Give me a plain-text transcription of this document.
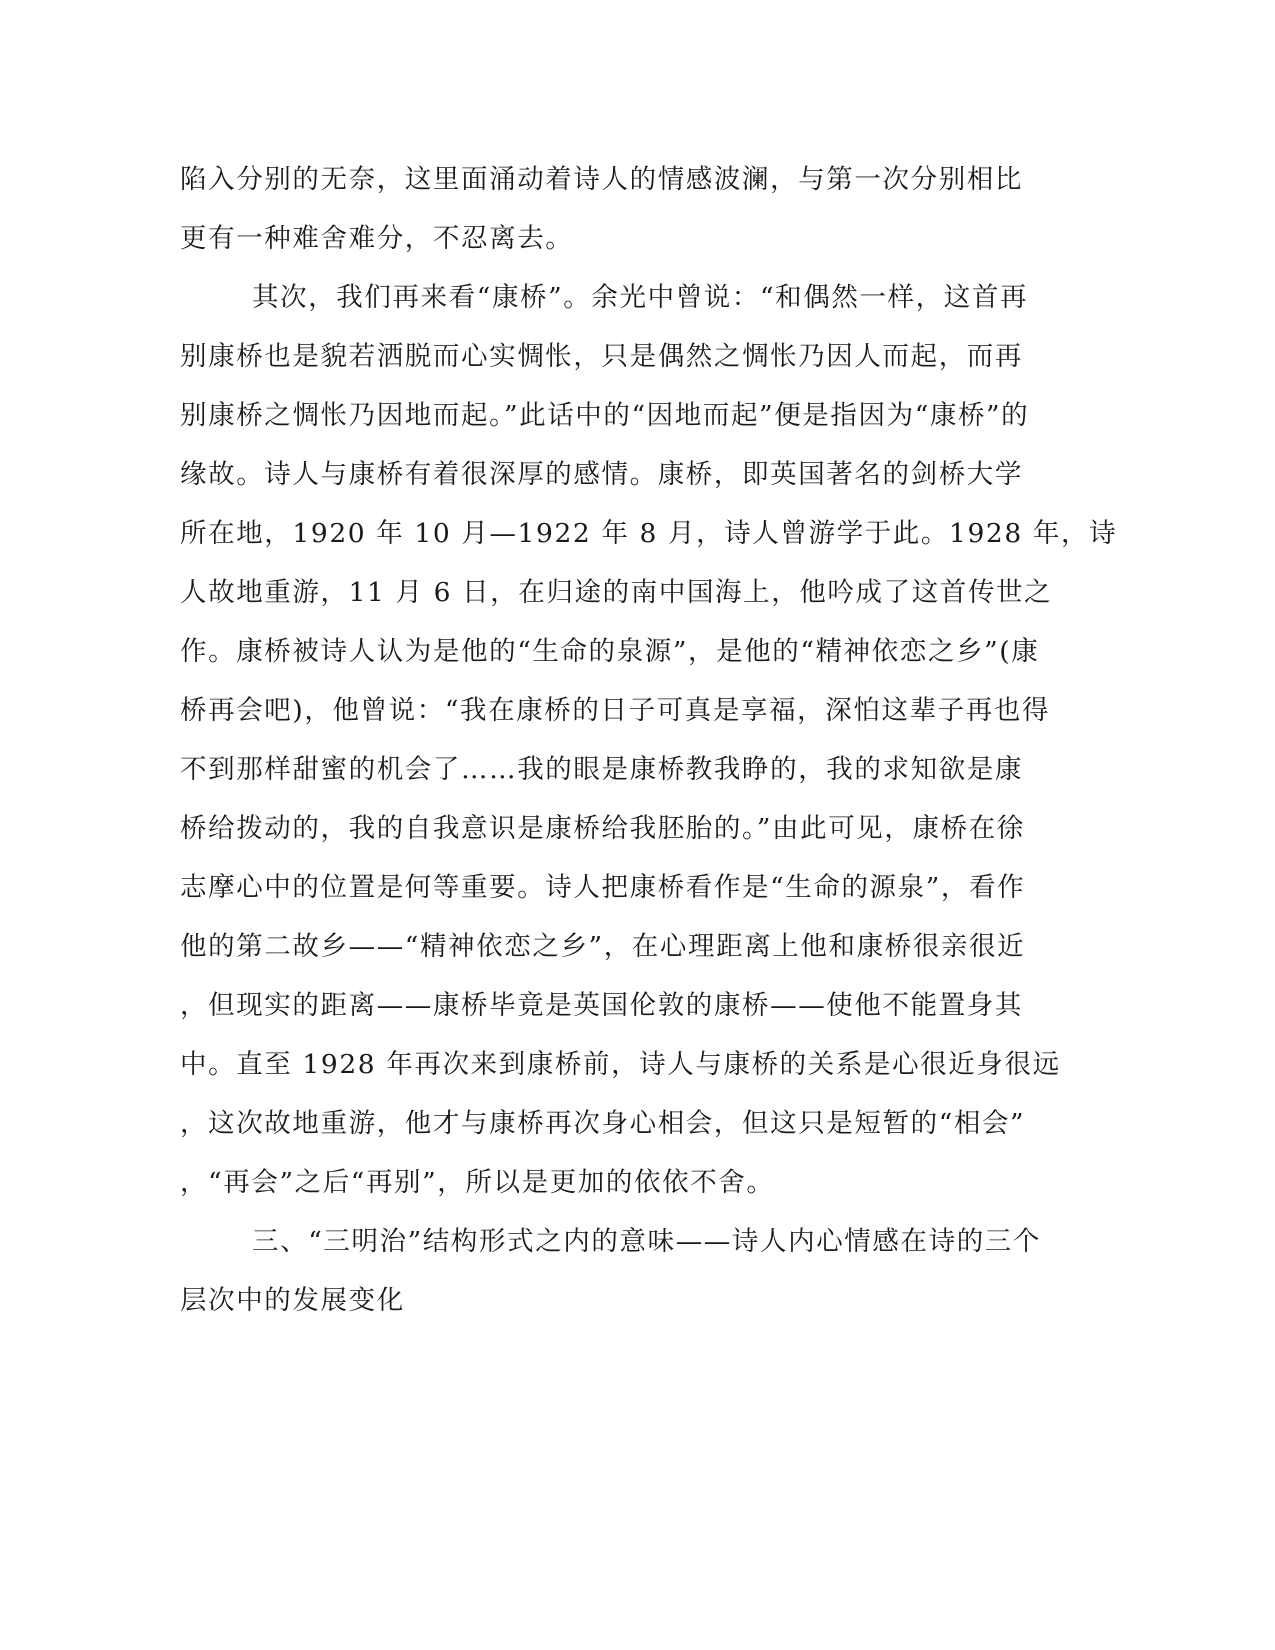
陷入分别的无奈，这里面涌动着诗人的情感波澜，与第一次分别相比
更有一种难舍难分，不忍离去。
其次，我们再来看“康桥”。余光中曾说：“和偶然一样，这首再
别康桥也是貌若洒脱而心实惆怅，只是偶然之惆怅乃因人而起，而再
别康桥之惆怅乃因地而起。”此话中的“因地而起”便是指因为“康桥”的
缘故。诗人与康桥有着很深厚的感情。康桥，即英国著名的剑桥大学
所在地，1920 年 10 月—1922 年 8 月，诗人曾游学于此。1928 年，诗
人故地重游，11 月 6 日，在归途的南中国海上，他吟成了这首传世之
作。康桥被诗人认为是他的“生命的泉源”，是他的“精神依恋之乡”(康
桥再会吧)，他曾说：“我在康桥的日子可真是享福，深怕这辈子再也得
不到那样甜蜜的机会了……我的眼是康桥教我睁的，我的求知欲是康
桥给拨动的，我的自我意识是康桥给我胚胎的。”由此可见，康桥在徐
志摩心中的位置是何等重要。诗人把康桥看作是“生命的源泉”，看作
他的第二故乡——“精神依恋之乡”，在心理距离上他和康桥很亲很近
，但现实的距离——康桥毕竟是英国伦敦的康桥——使他不能置身其
中。直至 1928 年再次来到康桥前，诗人与康桥的关系是心很近身很远
，这次故地重游，他才与康桥再次身心相会，但这只是短暂的“相会”
，“再会”之后“再别”，所以是更加的依依不舍。
三、“三明治”结构形式之内的意味——诗人内心情感在诗的三个
层次中的发展变化
